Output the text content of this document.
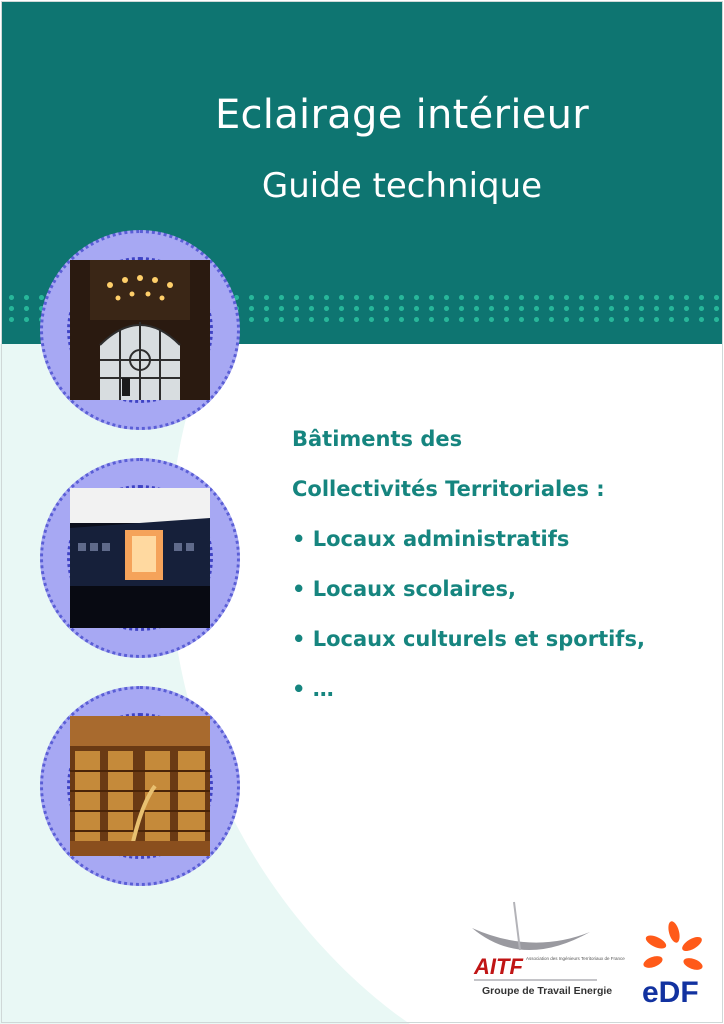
Eclairage intérieur
Guide technique
Bâtiments des
Collectivités Territoriales :
• Locaux administratifs
• Locaux scolaires,
• Locaux culturels et sportifs,
• …
AITF Association des Ingénieurs Territoriaux de France
Groupe de Travail Energie eDF
